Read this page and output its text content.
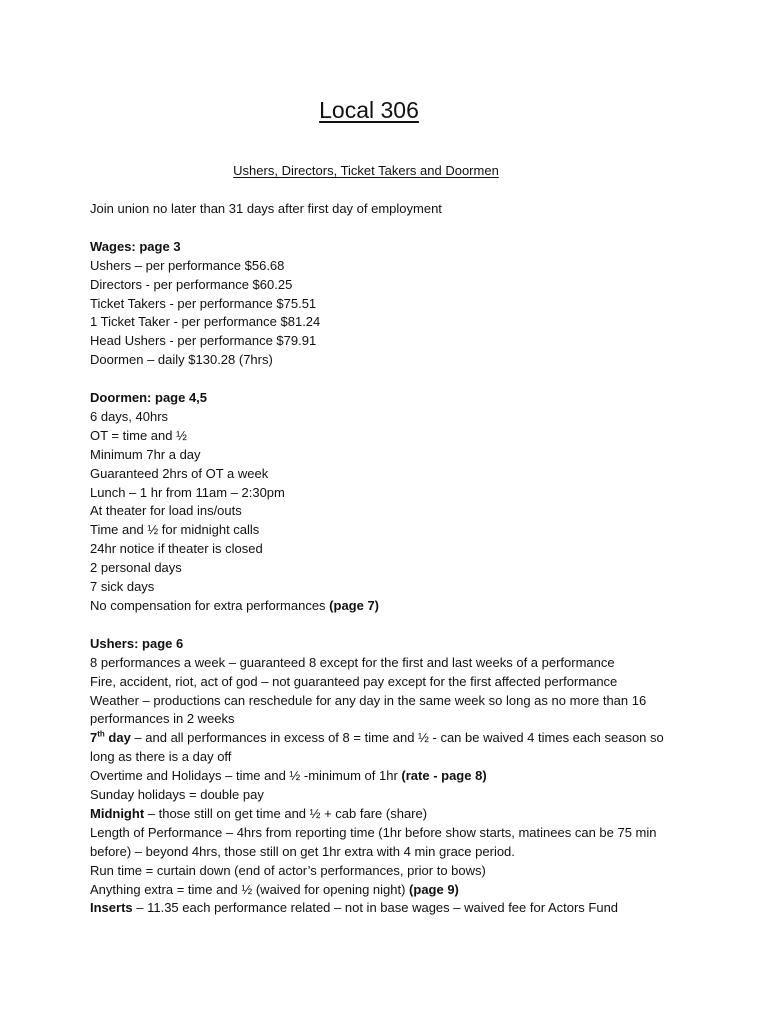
Local 306

Ushers, Directors, Ticket Takers and Doormen

Join union no later than 31 days after first day of employment

Wages: page 3

Ushers – per performance $56.68

Directors - per performance $60.25

Ticket Takers - per performance $75.51

1 Ticket Taker - per performance $81.24

Head Ushers - per performance $79.91

Doormen – daily $130.28 (7hrs)

Doormen: page 4,5

6 days, 40hrs

OT = time and ½

Minimum 7hr a day

Guaranteed 2hrs of OT a week

Lunch – 1 hr from 11am – 2:30pm

At theater for load ins/outs

Time and ½ for midnight calls

24hr notice if theater is closed

2 personal days

7 sick days

No compensation for extra performances (page 7)

Ushers: page 6

8 performances a week – guaranteed 8 except for the first and last weeks of a performance

Fire, accident, riot, act of god – not guaranteed pay except for the first affected performance

Weather – productions can reschedule for any day in the same week so long as no more than 16 performances in 2 weeks

7th day – and all performances in excess of 8 = time and ½ - can be waived 4 times each season so long as there is a day off

Overtime and Holidays – time and ½ -minimum of 1hr (rate - page 8)

Sunday holidays = double pay

Midnight – those still on get time and ½ + cab fare (share)

Length of Performance – 4hrs from reporting time (1hr before show starts, matinees can be 75 min before) – beyond 4hrs, those still on get 1hr extra with 4 min grace period.

Run time = curtain down (end of actor’s performances, prior to bows)

Anything extra = time and ½ (waived for opening night) (page 9)

Inserts – 11.35 each performance related – not in base wages – waived fee for Actors Fund
